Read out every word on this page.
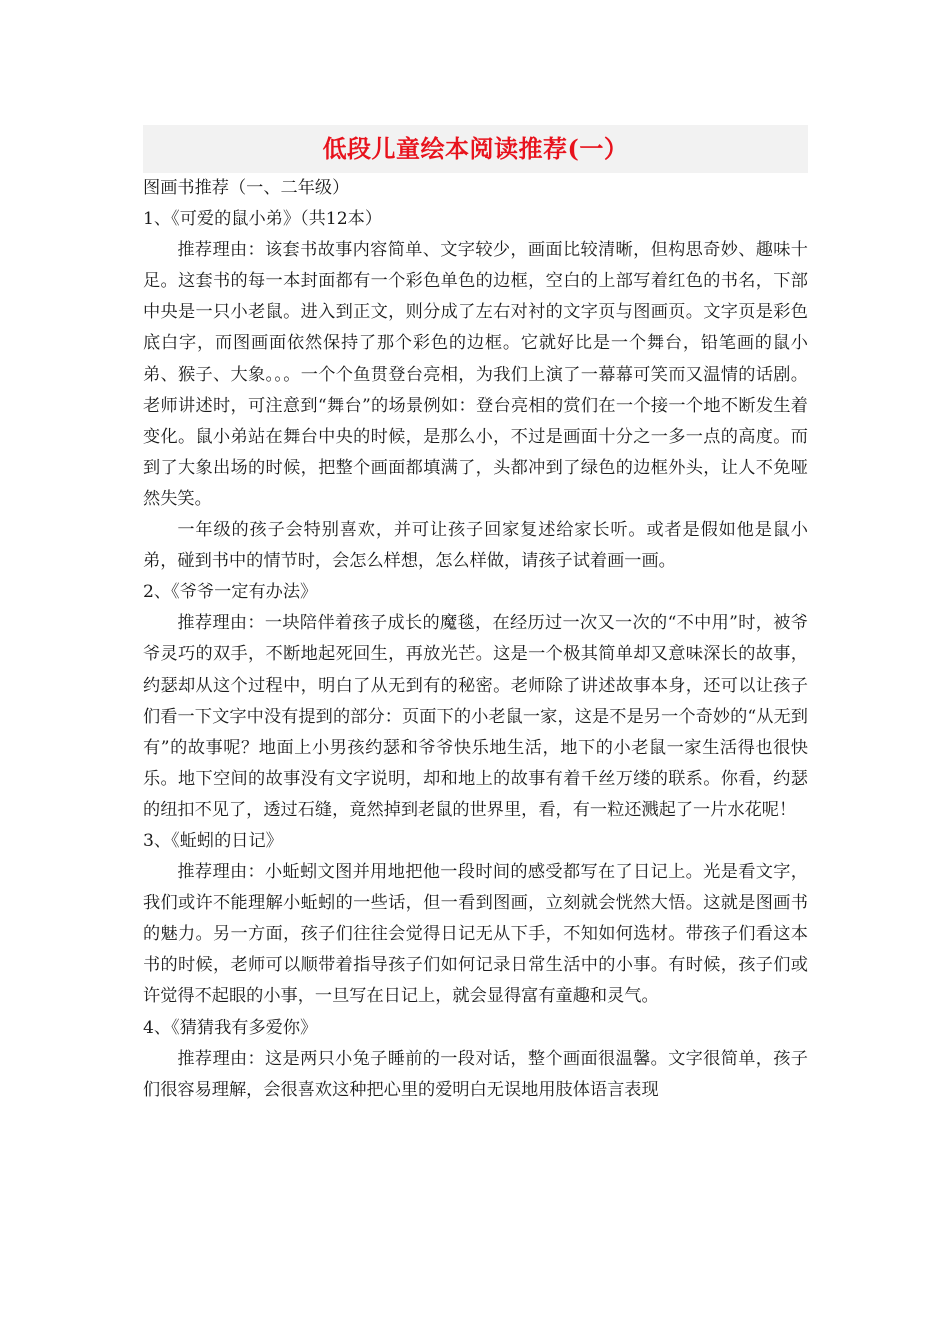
低段儿童绘本阅读推荐(一）

图画书推荐（一、二年级）

1、《可爱的鼠小弟》（共12本）

推荐理由：该套书故事内容简单、文字较少，画面比较清晰，但构思奇妙、趣味十足。这套书的每一本封面都有一个彩色单色的边框，空白的上部写着红色的书名，下部中央是一只小老鼠。进入到正文，则分成了左右对衬的文字页与图画页。文字页是彩色底白字，而图画面依然保持了那个彩色的边框。它就好比是一个舞台，铅笔画的鼠小弟、猴子、大象。。。一个个鱼贯登台亮相，为我们上演了一幕幕可笑而又温情的话剧。老师讲述时，可注意到“舞台”的场景例如：登台亮相的赏们在一个接一个地不断发生着变化。鼠小弟站在舞台中央的时候，是那么小，不过是画面十分之一多一点的高度。而到了大象出场的时候，把整个画面都填满了，头都冲到了绿色的边框外头，让人不免哑然失笑。

一年级的孩子会特别喜欢，并可让孩子回家复述给家长听。或者是假如他是鼠小弟，碰到书中的情节时，会怎么样想，怎么样做，请孩子试着画一画。

2、《爷爷一定有办法》

推荐理由：一块陪伴着孩子成长的魔毯，在经历过一次又一次的“不中用”时，被爷爷灵巧的双手，不断地起死回生，再放光芒。这是一个极其简单却又意味深长的故事，约瑟却从这个过程中，明白了从无到有的秘密。老师除了讲述故事本身，还可以让孩子们看一下文字中没有提到的部分：页面下的小老鼠一家，这是不是另一个奇妙的“从无到有”的故事呢？地面上小男孩约瑟和爷爷快乐地生活，地下的小老鼠一家生活得也很快乐。地下空间的故事没有文字说明，却和地上的故事有着千丝万缕的联系。你看，约瑟的纽扣不见了，透过石缝，竟然掉到老鼠的世界里，看，有一粒还溅起了一片水花呢！

3、《蚯蚓的日记》

推荐理由：小蚯蚓文图并用地把他一段时间的感受都写在了日记上。光是看文字，我们或许不能理解小蚯蚓的一些话，但一看到图画，立刻就会恍然大悟。这就是图画书的魅力。另一方面，孩子们往往会觉得日记无从下手，不知如何选材。带孩子们看这本书的时候，老师可以顺带着指导孩子们如何记录日常生活中的小事。有时候，孩子们或许觉得不起眼的小事，一旦写在日记上，就会显得富有童趣和灵气。

4、《猜猜我有多爱你》

推荐理由：这是两只小兔子睡前的一段对话，整个画面很温馨。文字很简单，孩子们很容易理解，会很喜欢这种把心里的爱明白无误地用肢体语言表现
